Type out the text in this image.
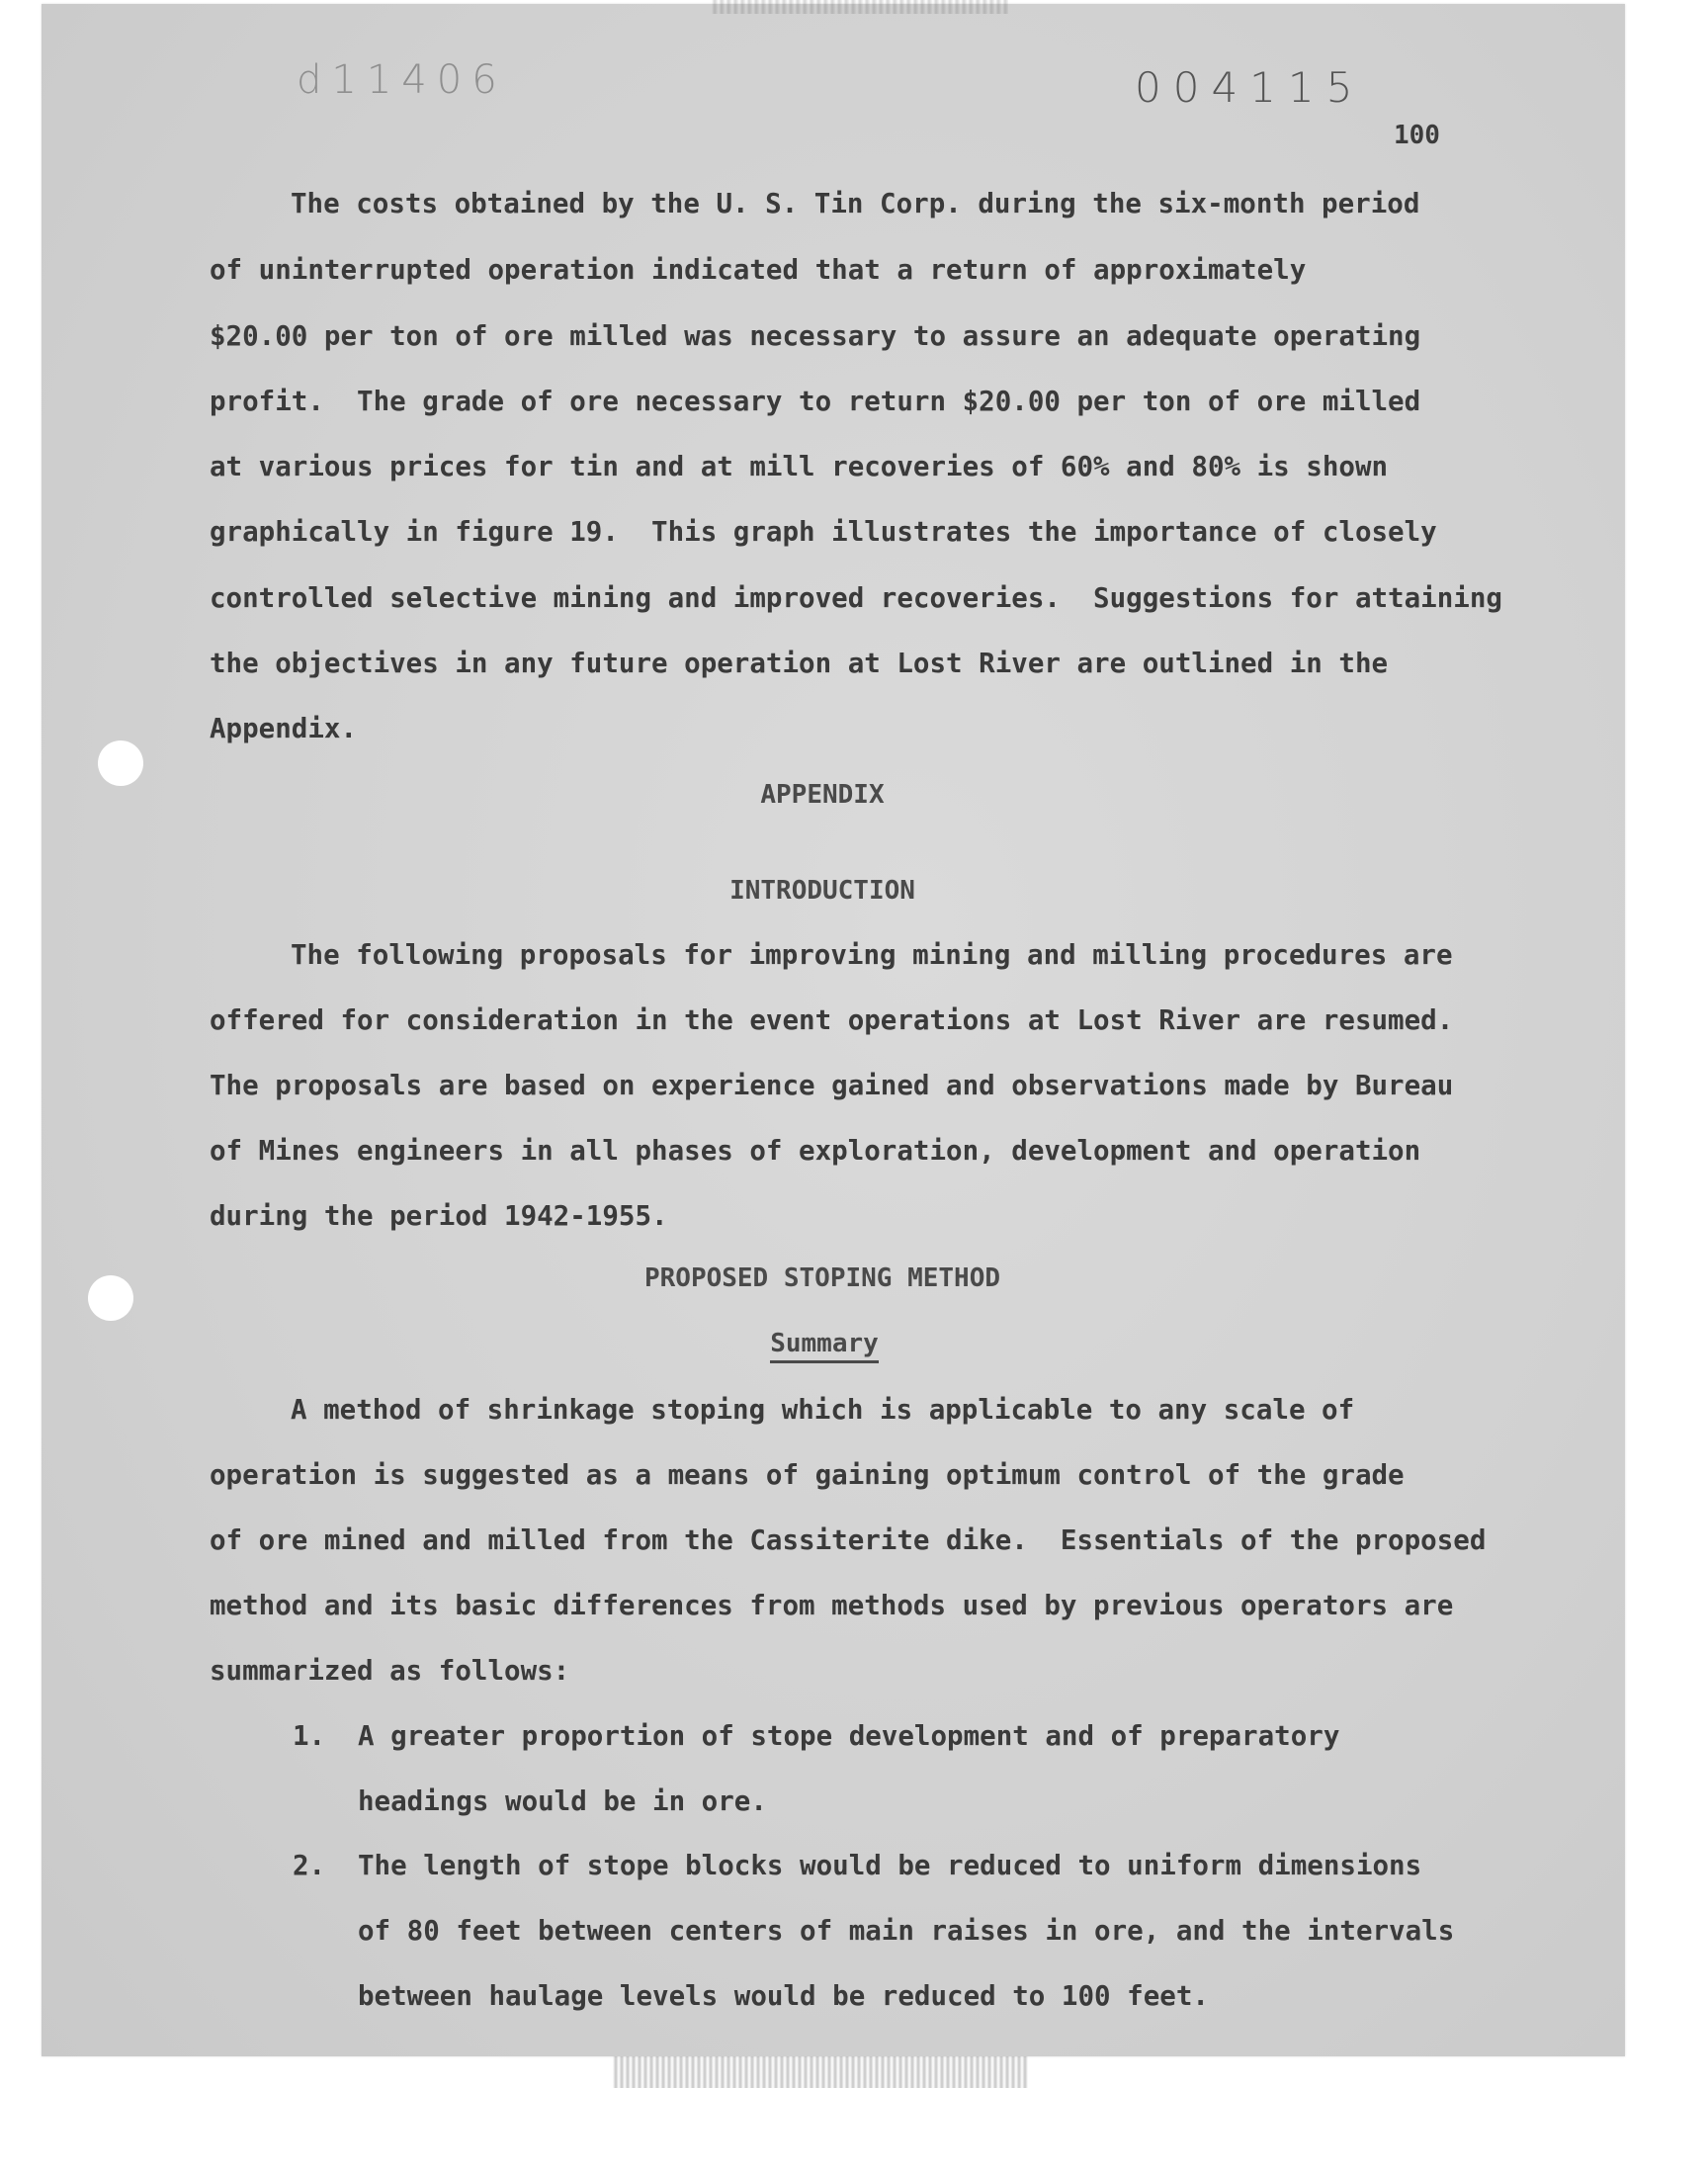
d11406	004115
100
The costs obtained by the U. S. Tin Corp. during the six-month period
of uninterrupted operation indicated that a return of approximately
$20.00 per ton of ore milled was necessary to assure an adequate operating
profit.  The grade of ore necessary to return $20.00 per ton of ore milled
at various prices for tin and at mill recoveries of 60% and 80% is shown
graphically in figure 19.  This graph illustrates the importance of closely
controlled selective mining and improved recoveries.  Suggestions for attaining
the objectives in any future operation at Lost River are outlined in the
Appendix.
APPENDIX
INTRODUCTION
The following proposals for improving mining and milling procedures are
offered for consideration in the event operations at Lost River are resumed.
The proposals are based on experience gained and observations made by Bureau
of Mines engineers in all phases of exploration, development and operation
during the period 1942-1955.
PROPOSED STOPING METHOD
Summary
A method of shrinkage stoping which is applicable to any scale of
operation is suggested as a means of gaining optimum control of the grade
of ore mined and milled from the Cassiterite dike.  Essentials of the proposed
method and its basic differences from methods used by previous operators are
summarized as follows:
1. A greater proportion of stope development and of preparatory
headings would be in ore.
2. The length of stope blocks would be reduced to uniform dimensions
of 80 feet between centers of main raises in ore, and the intervals
between haulage levels would be reduced to 100 feet.
